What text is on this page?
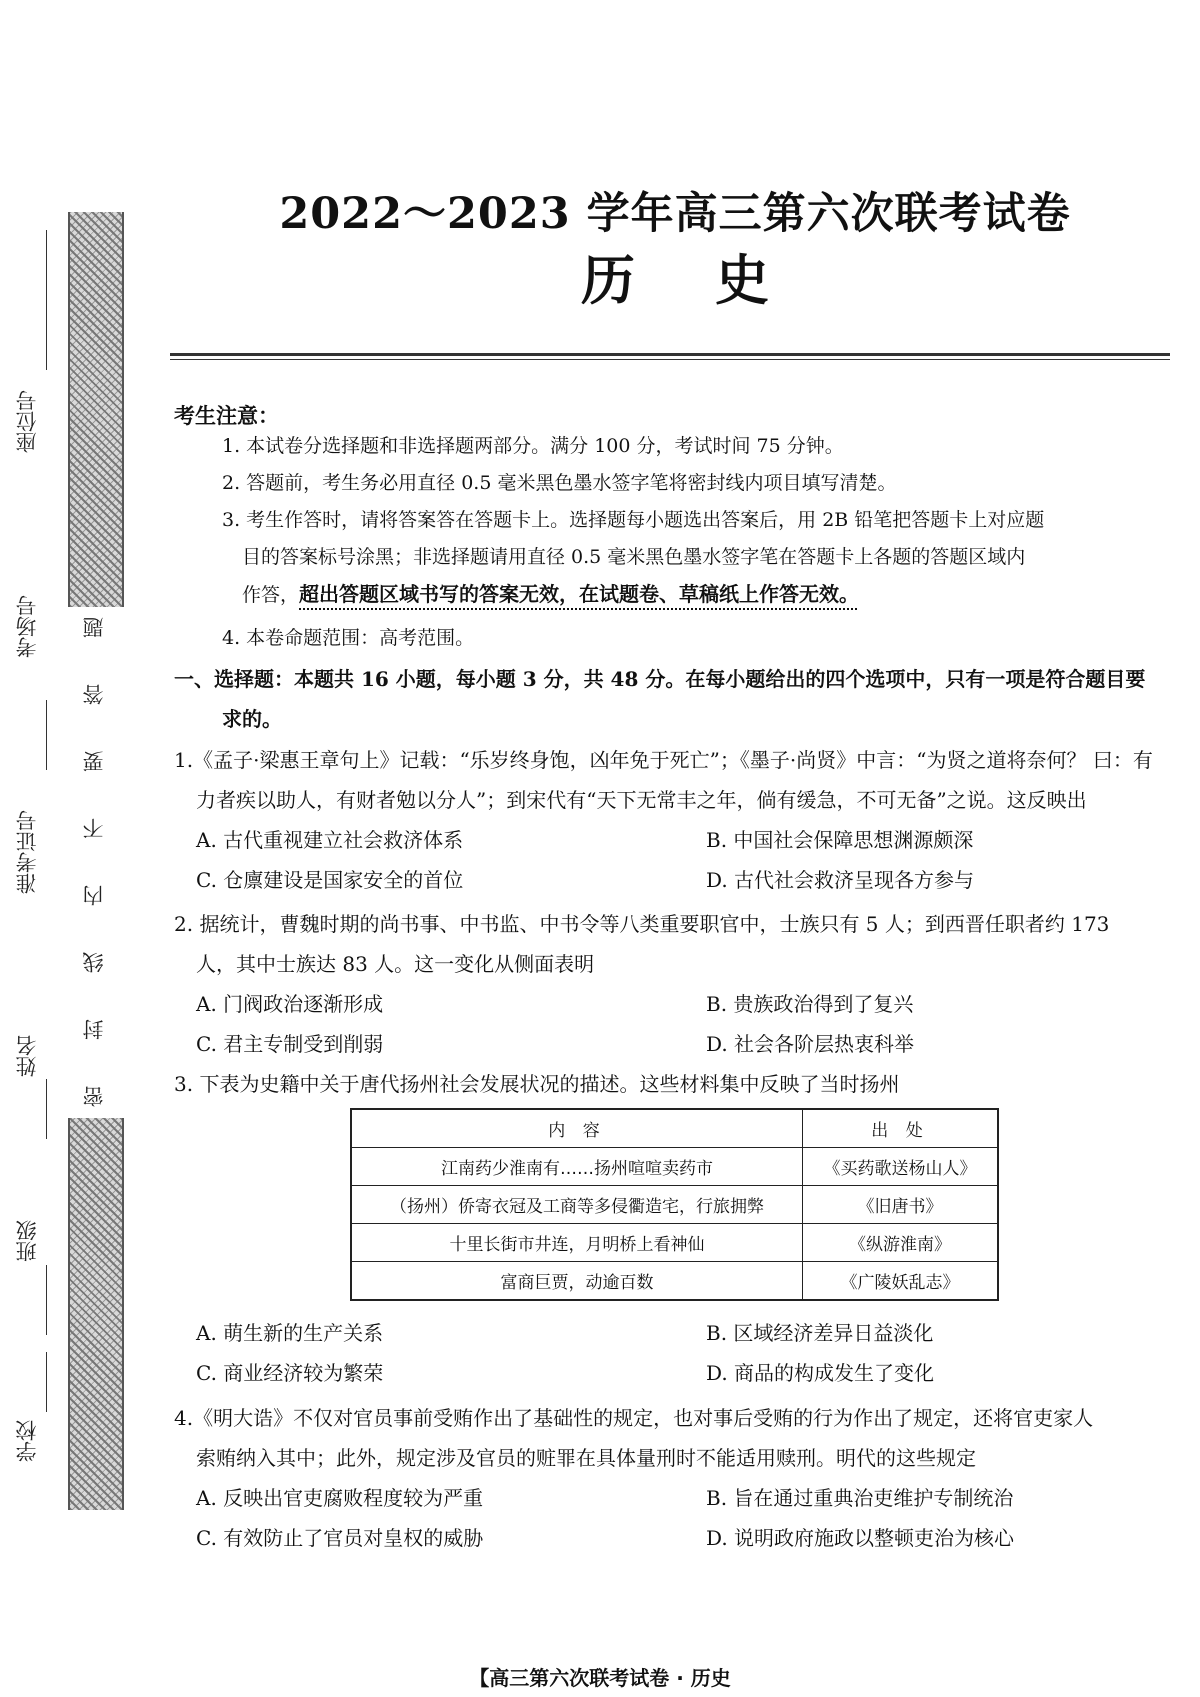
题
答
要
不
内
线
封
密
学校
班级
姓名
准考证号
考场号
座位号
2022～2023 学年高三第六次联考试卷
历史
考生注意：

1. 本试卷分选择题和非选择题两部分。满分 100 分，考试时间 75 分钟。

2. 答题前，考生务必用直径 0.5 毫米黑色墨水签字笔将密封线内项目填写清楚。

3. 考生作答时，请将答案答在答题卡上。选择题每小题选出答案后，用 2B 铅笔把答题卡上对应题

目的答案标号涂黑；非选择题请用直径 0.5 毫米黑色墨水签字笔在答题卡上各题的答题区域内

作答，超出答题区域书写的答案无效，在试题卷、草稿纸上作答无效。

4. 本卷命题范围：高考范围。

一、选择题：本题共 16 小题，每小题 3 分，共 48 分。在每小题给出的四个选项中，只有一项是符合题目要
求的。
1.《孟子·梁惠王章句上》记载：“乐岁终身饱，凶年免于死亡”；《墨子·尚贤》中言：“为贤之道将奈何？ 曰：有
力者疾以助人，有财者勉以分人”；到宋代有“天下无常丰之年，倘有缓急，不可无备”之说。这反映出
A. 古代重视建立社会救济体系	B. 中国社会保障思想渊源颇深
C. 仓廪建设是国家安全的首位	D. 古代社会救济呈现各方参与
2. 据统计，曹魏时期的尚书事、中书监、中书令等八类重要职官中，士族只有 5 人；到西晋任职者约 173
人，其中士族达 83 人。这一变化从侧面表明
A. 门阀政治逐渐形成	B. 贵族政治得到了复兴
C. 君主专制受到削弱	D. 社会各阶层热衷科举
3. 下表为史籍中关于唐代扬州社会发展状况的描述。这些材料集中反映了当时扬州
内 容	出 处
江南药少淮南有……扬州喧喧卖药市	《买药歌送杨山人》
（扬州）侨寄衣冠及工商等多侵衢造宅，行旅拥弊	《旧唐书》
十里长街市井连，月明桥上看神仙	《纵游淮南》
富商巨贾，动逾百数	《广陵妖乱志》
A. 萌生新的生产关系	B. 区域经济差异日益淡化
C. 商业经济较为繁荣	D. 商品的构成发生了变化
4.《明大诰》不仅对官员事前受贿作出了基础性的规定，也对事后受贿的行为作出了规定，还将官吏家人
索贿纳入其中；此外，规定涉及官员的赃罪在具体量刑时不能适用赎刑。明代的这些规定
A. 反映出官吏腐败程度较为严重	B. 旨在通过重典治吏维护专制统治
C. 有效防止了官员对皇权的威胁	D. 说明政府施政以整顿吏治为核心
【高三第六次联考试卷 · 历史
